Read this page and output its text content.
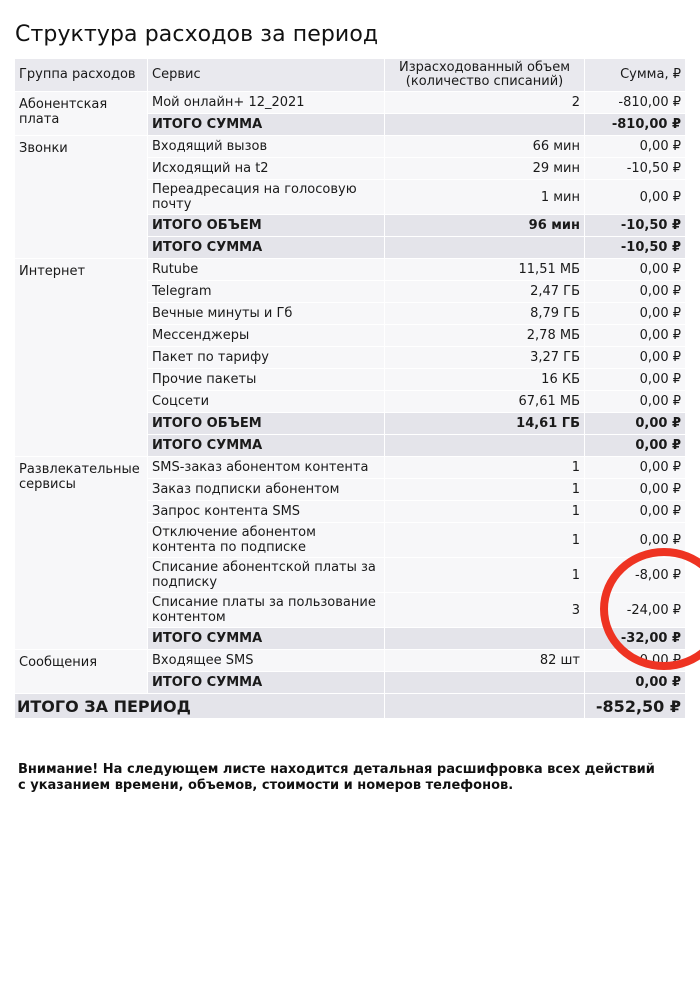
Структура расходов за период
Группа расходов	Сервис	Израсходованный объем (количество списаний)	Сумма, ₽
Абонентская плата	Мой онлайн+ 12_2021	2	-810,00 ₽
	ИТОГО СУММА		-810,00 ₽
Звонки	Входящий вызов	66 мин	0,00 ₽
	Исходящий на t2	29 мин	-10,50 ₽
	Переадресация на голосовую почту	1 мин	0,00 ₽
	ИТОГО ОБЪЕМ	96 мин	-10,50 ₽
	ИТОГО СУММА		-10,50 ₽
Интернет	Rutube	11,51 МБ	0,00 ₽
	Telegram	2,47 ГБ	0,00 ₽
	Вечные минуты и Гб	8,79 ГБ	0,00 ₽
	Мессенджеры	2,78 МБ	0,00 ₽
	Пакет по тарифу	3,27 ГБ	0,00 ₽
	Прочие пакеты	16 КБ	0,00 ₽
	Соцсети	67,61 МБ	0,00 ₽
	ИТОГО ОБЪЕМ	14,61 ГБ	0,00 ₽
	ИТОГО СУММА		0,00 ₽
Развлекательные сервисы	SMS-заказ абонентом контента	1	0,00 ₽
	Заказ подписки абонентом	1	0,00 ₽
	Запрос контента SMS	1	0,00 ₽
	Отключение абонентом контента по подписке	1	0,00 ₽
	Списание абонентской платы за подписку	1	-8,00 ₽
	Списание платы за пользование контентом	3	-24,00 ₽
	ИТОГО СУММА		-32,00 ₽
Сообщения	Входящее SMS	82 шт	0,00 ₽
	ИТОГО СУММА		0,00 ₽
ИТОГО ЗА ПЕРИОД			-852,50 ₽

Внимание! На следующем листе находится детальная расшифровка всех действий с указанием времени, объемов, стоимости и номеров телефонов.
